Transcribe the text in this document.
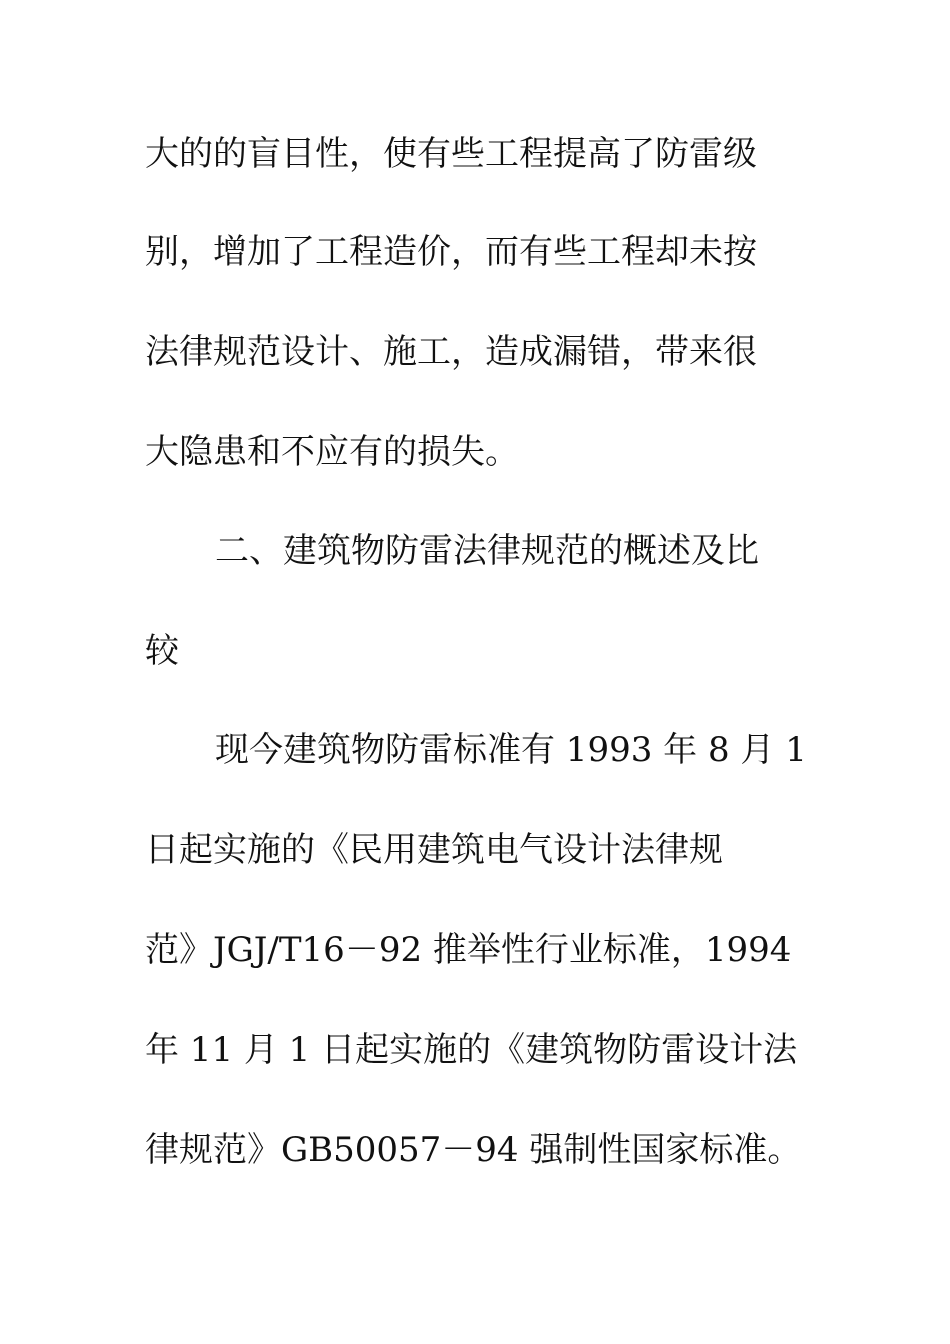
大的的盲目性，使有些工程提高了防雷级
别，增加了工程造价，而有些工程却未按
法律规范设计、施工，造成漏错，带来很
大隐患和不应有的损失。
二、建筑物防雷法律规范的概述及比
较
现今建筑物防雷标准有 1993 年 8 月 1
日起实施的《民用建筑电气设计法律规
范》JGJ/T16－92 推举性行业标准，1994
年 11 月 1 日起实施的《建筑物防雷设计法
律规范》GB50057－94 强制性国家标准。
